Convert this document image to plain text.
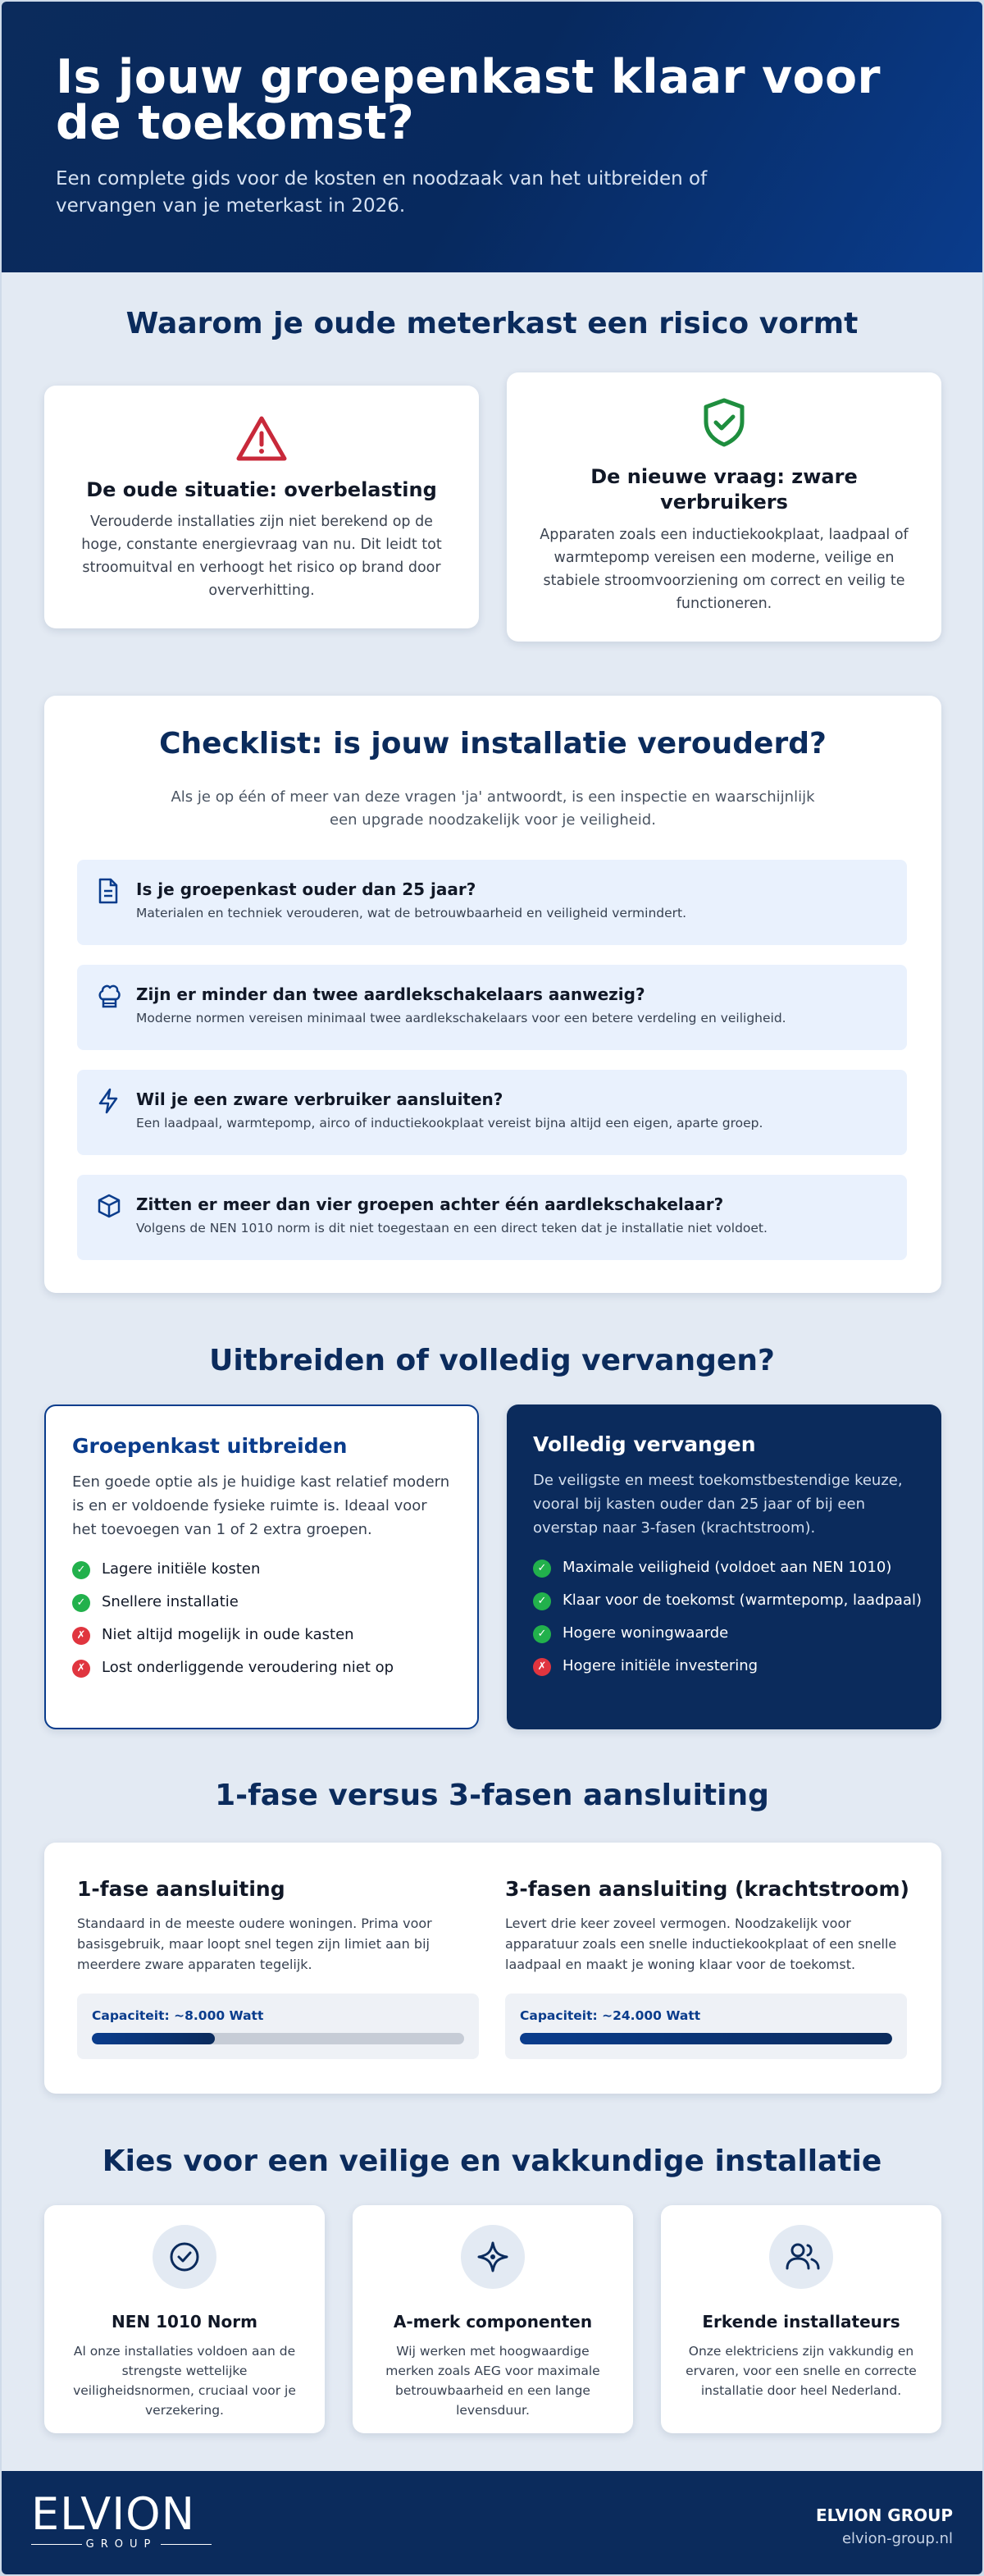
Is jouw groepenkast klaar voor de toekomst?

Een complete gids voor de kosten en noodzaak van het uitbreiden of vervangen van je meterkast in 2026.

Waarom je oude meterkast een risico vormt
De oude situatie: overbelasting

Verouderde installaties zijn niet berekend op de hoge, constante energievraag van nu. Dit leidt tot stroomuitval en verhoogt het risico op brand door oververhitting.

De nieuwe vraag: zware verbruikers

Apparaten zoals een inductiekookplaat, laadpaal of warmtepomp vereisen een moderne, veilige en stabiele stroomvoorziening om correct en veilig te functioneren.

Checklist: is jouw installatie verouderd?
Als je op één of meer van deze vragen 'ja' antwoordt, is een inspectie en waarschijnlijk een upgrade noodzakelijk voor je veiligheid.
Is je groepenkast ouder dan 25 jaar?

Materialen en techniek verouderen, wat de betrouwbaarheid en veiligheid vermindert.

Zijn er minder dan twee aardlekschakelaars aanwezig?

Moderne normen vereisen minimaal twee aardlekschakelaars voor een betere verdeling en veiligheid.

Wil je een zware verbruiker aansluiten?

Een laadpaal, warmtepomp, airco of inductiekookplaat vereist bijna altijd een eigen, aparte groep.

Zitten er meer dan vier groepen achter één aardlekschakelaar?

Volgens de NEN 1010 norm is dit niet toegestaan en een direct teken dat je installatie niet voldoet.

Uitbreiden of volledig vervangen?
Groepenkast uitbreiden
Een goede optie als je huidige kast relatief modern is en er voldoende fysieke ruimte is. Ideaal voor het toevoegen van 1 of 2 extra groepen.
✓	Lagere initiële kosten
✓	Snellere installatie
✗	Niet altijd mogelijk in oude kasten
✗	Lost onderliggende veroudering niet op
Volledig vervangen
De veiligste en meest toekomstbestendige keuze, vooral bij kasten ouder dan 25 jaar of bij een overstap naar 3-fasen (krachtstroom).
✓	Maximale veiligheid (voldoet aan NEN 1010)
✓	Klaar voor de toekomst (warmtepomp, laadpaal)
✓	Hogere woningwaarde
✗	Hogere initiële investering
1-fase versus 3-fasen aansluiting
1-fase aansluiting

Standaard in de meeste oudere woningen. Prima voor basisgebruik, maar loopt snel tegen zijn limiet aan bij meerdere zware apparaten tegelijk.

Capaciteit: ~8.000 Watt
3-fasen aansluiting (krachtstroom)

Levert drie keer zoveel vermogen. Noodzakelijk voor apparatuur zoals een snelle inductiekookplaat of een snelle laadpaal en maakt je woning klaar voor de toekomst.

Capaciteit: ~24.000 Watt
Kies voor een veilige en vakkundige installatie
NEN 1010 Norm

Al onze installaties voldoen aan de strengste wettelijke veiligheidsnormen, cruciaal voor je verzekering.

A-merk componenten

Wij werken met hoogwaardige merken zoals AEG voor maximale betrouwbaarheid en een lange levensduur.

Erkende installateurs

Onze elektriciens zijn vakkundig en ervaren, voor een snelle en correcte installatie door heel Nederland.

ELVION
GROUP
ELVION GROUP
elvion-group.nl
